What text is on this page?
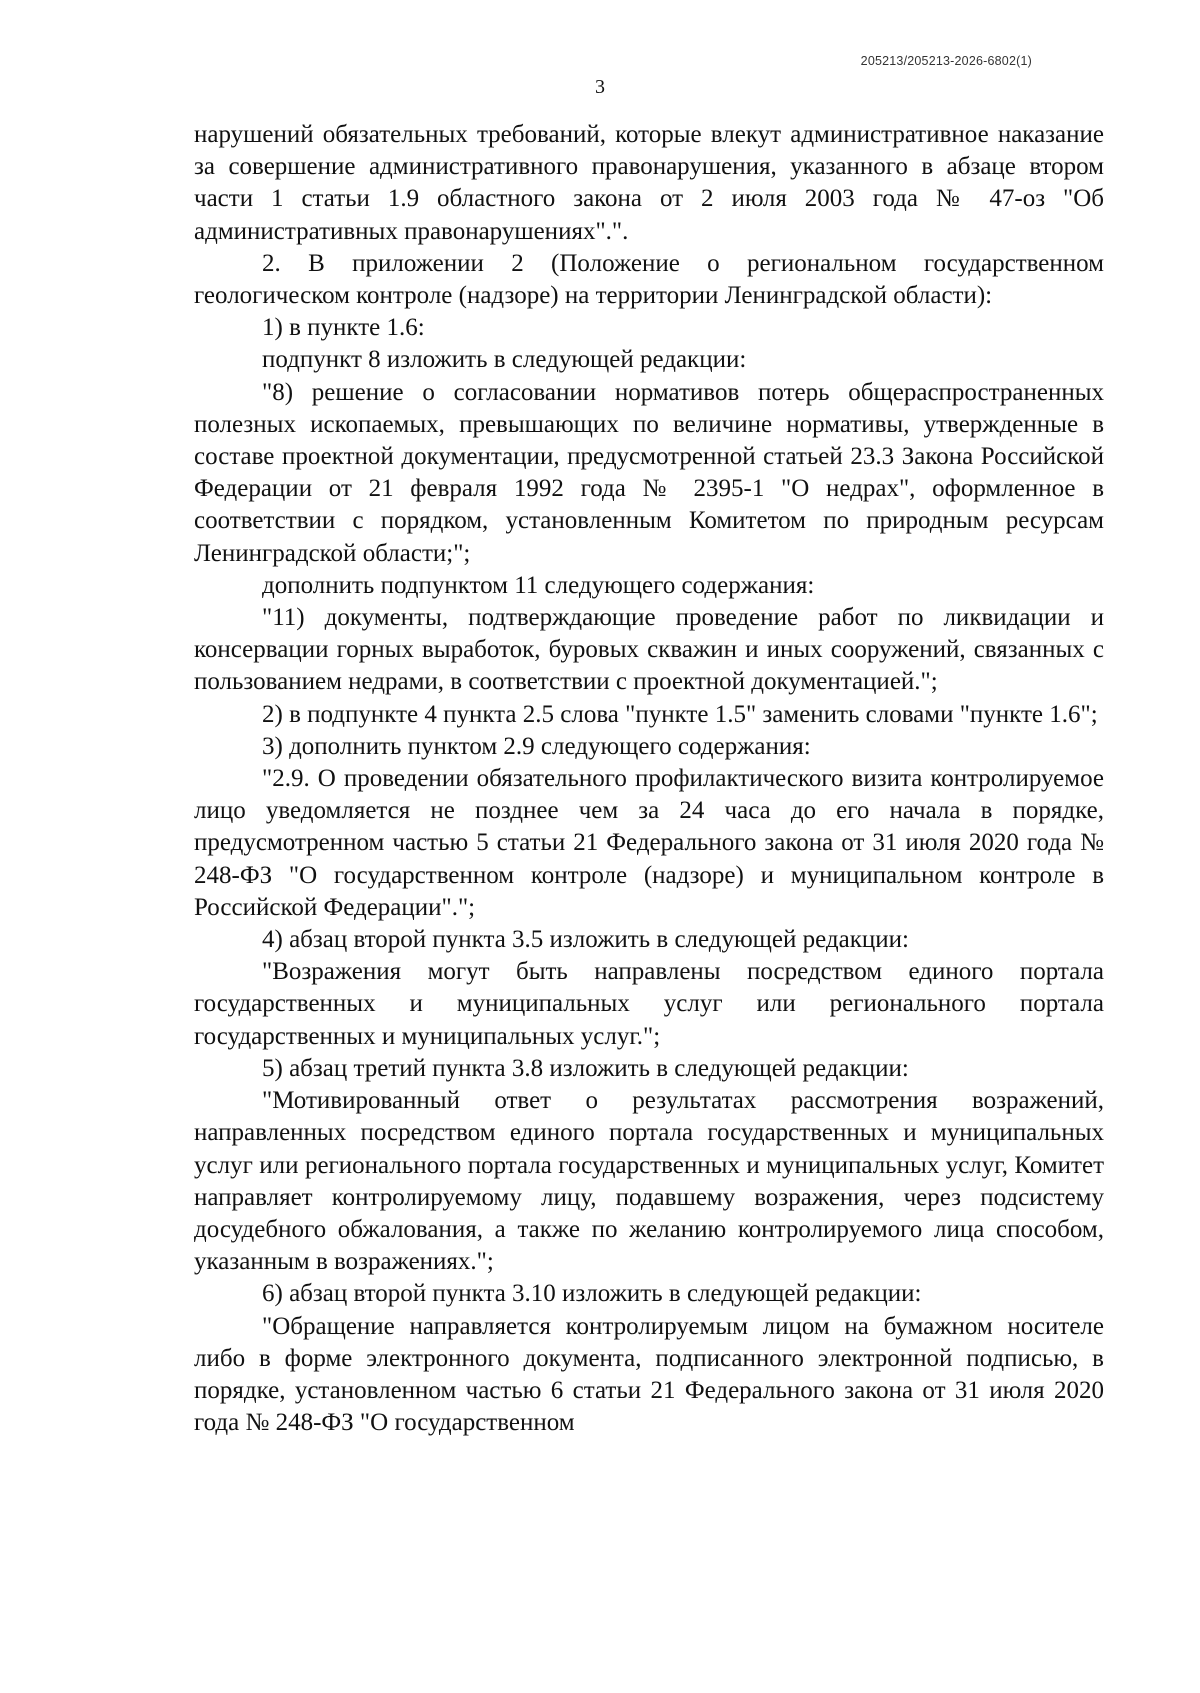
205213/205213-2026-6802(1)
3

нарушений обязательных требований, которые влекут административное наказание за совершение административного правонарушения, указанного в абзаце втором части 1 статьи 1.9 областного закона от 2 июля 2003 года № 47-оз "Об административных правонарушениях".".

2. В приложении 2 (Положение о региональном государственном геологическом контроле (надзоре) на территории Ленинградской области):

1) в пункте 1.6:

подпункт 8 изложить в следующей редакции:

"8) решение о согласовании нормативов потерь общераспространенных полезных ископаемых, превышающих по величине нормативы, утвержденные в составе проектной документации, предусмотренной статьей 23.3 Закона Российской Федерации от 21 февраля 1992 года № 2395-1 "О недрах", оформленное в соответствии с порядком, установленным Комитетом по природным ресурсам Ленинградской области;";

дополнить подпунктом 11 следующего содержания:

"11) документы, подтверждающие проведение работ по ликвидации и консервации горных выработок, буровых скважин и иных сооружений, связанных с пользованием недрами, в соответствии с проектной документацией.";

2) в подпункте 4 пункта 2.5 слова "пункте 1.5" заменить словами "пункте 1.6";

3) дополнить пунктом 2.9 следующего содержания:

"2.9. О проведении обязательного профилактического визита контролируемое лицо уведомляется не позднее чем за 24 часа до его начала в порядке, предусмотренном частью 5 статьи 21 Федерального закона от 31 июля 2020 года № 248-ФЗ "О государственном контроле (надзоре) и муниципальном контроле в Российской Федерации".";

4) абзац второй пункта 3.5 изложить в следующей редакции:

"Возражения могут быть направлены посредством единого портала государственных и муниципальных услуг или регионального портала государственных и муниципальных услуг.";

5) абзац третий пункта 3.8 изложить в следующей редакции:

"Мотивированный ответ о результатах рассмотрения возражений, направленных посредством единого портала государственных и муниципальных услуг или регионального портала государственных и муниципальных услуг, Комитет направляет контролируемому лицу, подавшему возражения, через подсистему досудебного обжалования, а также по желанию контролируемого лица способом, указанным в возражениях.";

6) абзац второй пункта 3.10 изложить в следующей редакции:

"Обращение направляется контролируемым лицом на бумажном носителе либо в форме электронного документа, подписанного электронной подписью, в порядке, установленном частью 6 статьи 21 Федерального закона от 31 июля 2020 года № 248-ФЗ "О государственном
